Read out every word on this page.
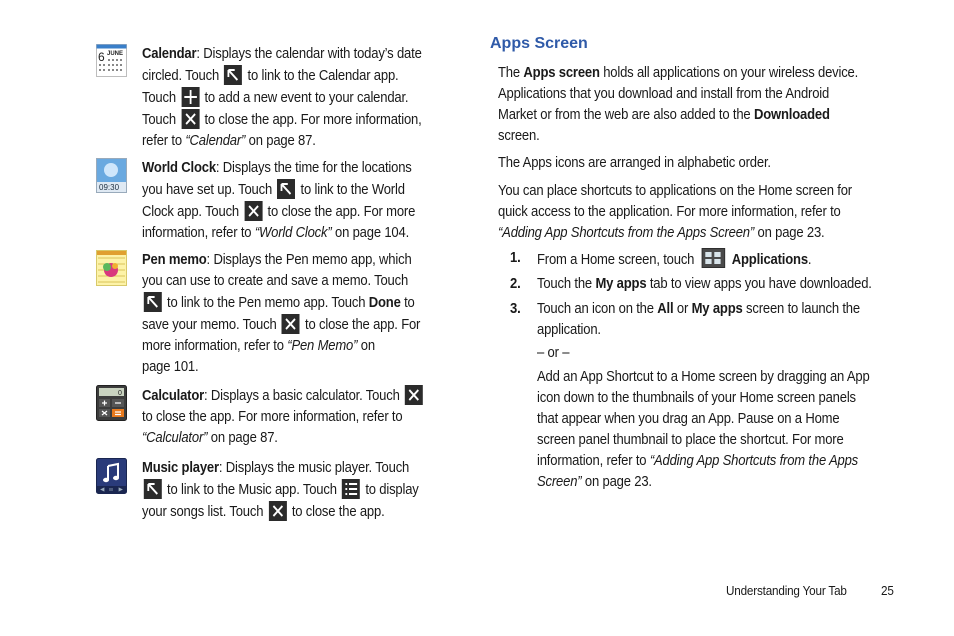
6 JUNE Calendar: Displays the calendar with today’s date
circled. Touch to link to the Calendar app.
Touch to add a new event to your calendar.
Touch to close the app. For more information,
refer to “Calendar” on page 87.
09:30
World Clock: Displays the time for the locations
you have set up. Touch to link to the World
Clock app. Touch to close the app. For more
information, refer to “World Clock” on page 104.
Pen memo: Displays the Pen memo app, which
you can use to create and save a memo. Touch
to link to the Pen memo app. Touch Done to
save your memo. Touch to close the app. For
more information, refer to “Pen Memo” on
page 101.
0 Calculator: Displays a basic calculator. Touch
to close the app. For more information, refer to
“Calculator” on page 87.
Music player: Displays the music player. Touch
to link to the Music app. Touch to display
your songs list. Touch to close the app.
Apps Screen
The Apps screen holds all applications on your wireless device.
Applications that you download and install from the Android
Market or from the web are also added to the Downloaded
screen.
The Apps icons are arranged in alphabetic order.
You can place shortcuts to applications on the Home screen for
quick access to the application. For more information, refer to
“Adding App Shortcuts from the Apps Screen” on page 23.
1. From a Home screen, touch	Applications.
2. Touch the My apps tab to view apps you have downloaded.
3. Touch an icon on the All or My apps screen to launch the
application.
– or –
Add an App Shortcut to a Home screen by dragging an App
icon down to the thumbnails of your Home screen panels
that appear when you drag an App. Pause on a Home
screen panel thumbnail to place the shortcut. For more
information, refer to “Adding App Shortcuts from the Apps
Screen” on page 23.
Understanding Your Tab	25
